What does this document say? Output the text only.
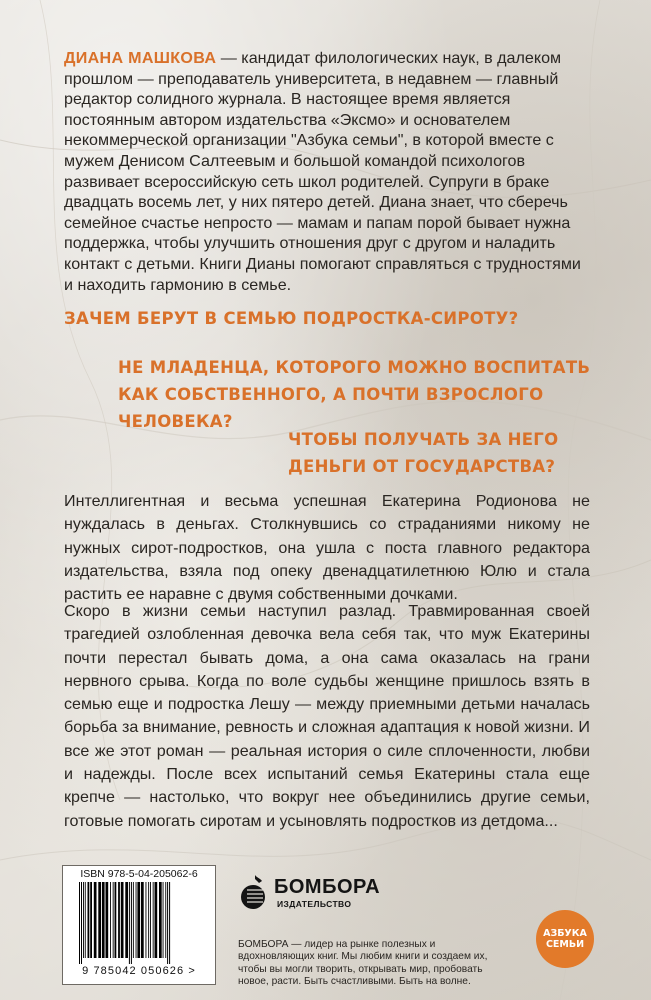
ДИАНА МАШКОВА — кандидат филологических наук, в далеком прошлом — преподаватель университета, в недавнем — главный редактор солидного журнала. В настоящее время является постоянным автором издательства «Эксмо» и основателем некоммерческой организации "Азбука семьи", в которой вместе с мужем Денисом Салтеевым и большой командой психологов развивает всероссийскую сеть школ родителей. Супруги в браке двадцать восемь лет, у них пятеро детей. Диана знает, что сберечь семейное счастье непросто — мамам и папам порой бывает нужна поддержка, чтобы улучшить отношения друг с другом и наладить контакт с детьми. Книги Дианы помогают справляться с трудностями и находить гармонию в семье.
ЗАЧЕМ БЕРУТ В СЕМЬЮ ПОДРОСТКА-СИРОТУ?
НЕ МЛАДЕНЦА, КОТОРОГО МОЖНО ВОСПИТАТЬ КАК СОБСТВЕННОГО, А ПОЧТИ ВЗРОСЛОГО ЧЕЛОВЕКА?
ЧТОБЫ ПОЛУЧАТЬ ЗА НЕГО ДЕНЬГИ ОТ ГОСУДАРСТВА?

Интеллигентная и весьма успешная Екатерина Родионова не нуждалась в деньгах. Столкнувшись со страданиями никому не нужных сирот-подростков, она ушла с поста главного редактора издательства, взяла под опеку двенадцатилетнюю Юлю и стала растить ее наравне с двумя собственными дочками.

Скоро в жизни семьи наступил разлад. Травмированная своей трагедией озлобленная девочка вела себя так, что муж Екатерины почти перестал бывать дома, а она сама оказалась на грани нервного срыва. Когда по воле судьбы женщине пришлось взять в семью еще и подростка Лешу — между приемными детьми началась борьба за внимание, ревность и сложная адаптация к новой жизни. И все же этот роман — реальная история о силе сплоченности, любви и надежды. После всех испытаний семья Екатерины стала еще крепче — настолько, что вокруг нее объединились другие семьи, готовые помогать сиротам и усыновлять подростков из детдома...

ISBN 978-5-04-205062-6
9 785042 050626 >
БОМБОРА
ИЗДАТЕЛЬСТВО
БОМБОРА — лидер на рынке полезных и вдохновляющих книг. Мы любим книги и создаем их, чтобы вы могли творить, открывать мир, пробовать новое, расти. Быть счастливыми. Быть на волне.
АЗБУКА
СЕМЬИ
